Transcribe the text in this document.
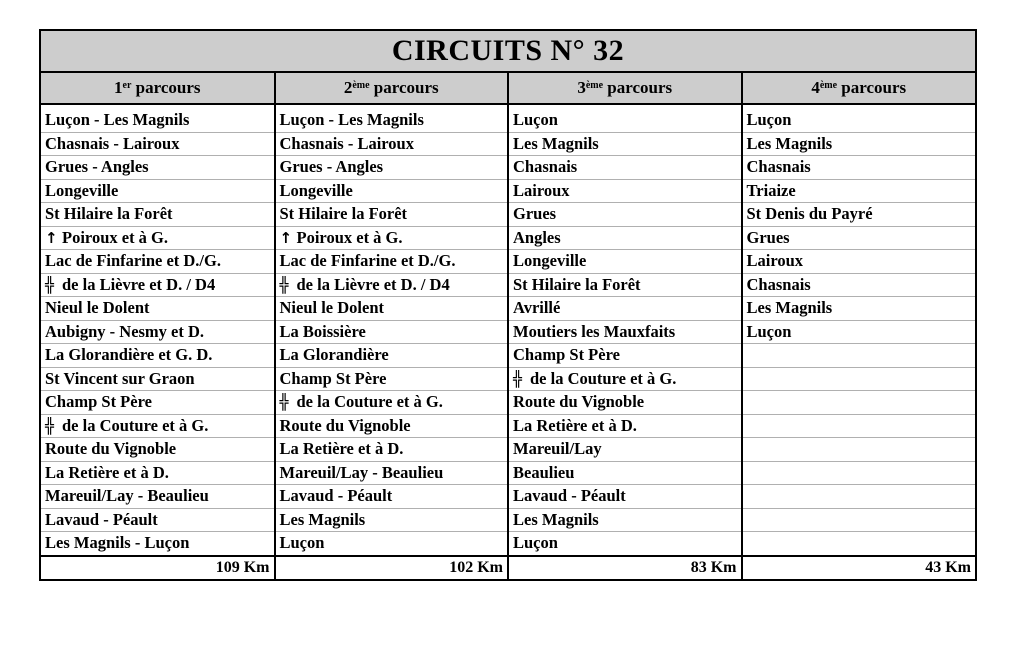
CIRCUITS N° 32
1er parcours	2ème parcours	3ème parcours	4ème parcours

Luçon - Les Magnils	Luçon - Les Magnils	Luçon	Luçon
Chasnais - Lairoux	Chasnais - Lairoux	Les Magnils	Les Magnils
Grues - Angles	Grues - Angles	Chasnais	Chasnais
Longeville	Longeville	Lairoux	Triaize
St Hilaire la Forêt	St Hilaire la Forêt	Grues	St Denis du Payré
↑ Poiroux et à G.	↑ Poiroux et à G.	Angles	Grues
Lac de Finfarine et D./G.	Lac de Finfarine et D./G.	Longeville	Lairoux
╬ de la Lièvre et D. / D4	╬ de la Lièvre et D. / D4	St Hilaire la Forêt	Chasnais
Nieul le Dolent	Nieul le Dolent	Avrillé	Les Magnils
Aubigny - Nesmy et D.	La Boissière	Moutiers les Mauxfaits	Luçon
La Glorandière et G. D.	La Glorandière	Champ St Père	
St Vincent sur Graon	Champ St Père	╬ de la Couture et à G.	
Champ St Père	╬ de la Couture et à G.	Route du Vignoble	
╬ de la Couture et à G.	Route du Vignoble	La Retière et à D.	
Route du Vignoble	La Retière et à D.	Mareuil/Lay	
La Retière et à D.	Mareuil/Lay - Beaulieu	Beaulieu	
Mareuil/Lay - Beaulieu	Lavaud - Péault	Lavaud - Péault	
Lavaud - Péault	Les Magnils	Les Magnils	
Les Magnils - Luçon	Luçon	Luçon	
109 Km	102 Km	83 Km	43 Km
